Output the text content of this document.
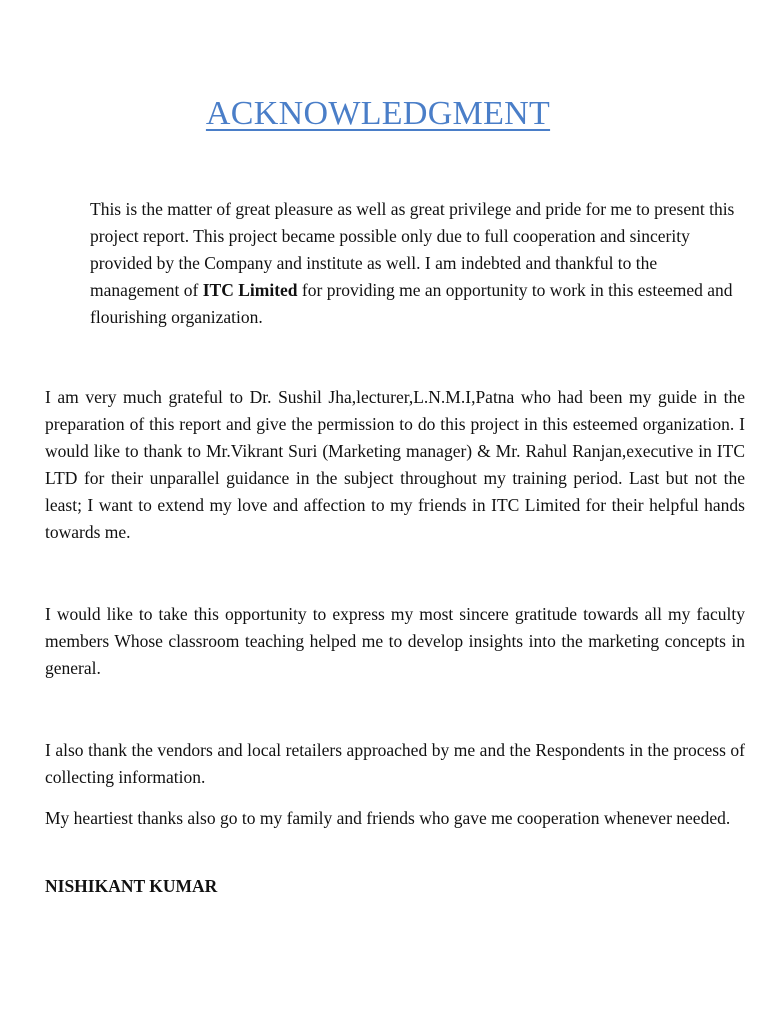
ACKNOWLEDGMENT

This is the matter of great pleasure as well as great privilege and pride for me to present this project report. This project became possible only due to full cooperation and sincerity provided by the Company and institute as well. I am indebted and thankful to the management of ITC Limited for providing me an opportunity to work in this esteemed and flourishing organization.

I am very much grateful to Dr. Sushil Jha,lecturer,L.N.M.I,Patna who had been my guide in the preparation of this report and give the permission to do this project in this esteemed organization. I would like to thank to Mr.Vikrant Suri (Marketing manager) & Mr. Rahul Ranjan,executive in ITC LTD for their unparallel guidance in the subject throughout my training period. Last but not the least; I want to extend my love and affection to my friends in ITC Limited for their helpful hands towards me.

I would like to take this opportunity to express my most sincere gratitude towards all my faculty members Whose classroom teaching helped me to develop insights into the marketing concepts in general.

I also thank the vendors and local retailers approached by me and the Respondents in the process of collecting information.

My heartiest thanks also go to my family and friends who gave me cooperation whenever needed.

NISHIKANT KUMAR
